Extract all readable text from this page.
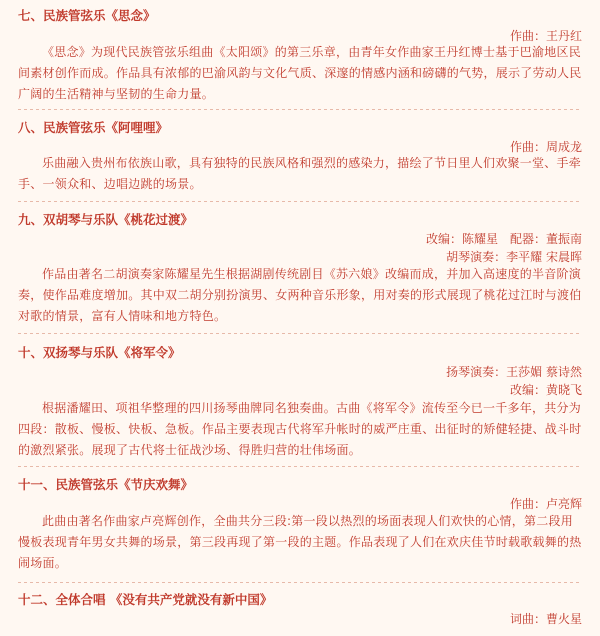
七、民族管弦乐《思念》
作曲：王丹红

《思念》为现代民族管弦乐组曲《太阳颂》的第三乐章，由青年女作曲家王丹红博士基于巴渝地区民间素材创作而成。作品具有浓郁的巴渝风韵与文化气质、深邃的情感内涵和磅礴的气势，展示了劳动人民广阔的生活精神与坚韧的生命力量。

八、民族管弦乐《阿哩哩》
作曲：周成龙

乐曲融入贵州布依族山歌，具有独特的民族风格和强烈的感染力，描绘了节日里人们欢聚一堂、手牵手、一领众和、边唱边跳的场景。

九、双胡琴与乐队《桃花过渡》
改编：陈耀星　配器：董振南
胡琴演奏：李平耀 宋晨晖

作品由著名二胡演奏家陈耀星先生根据湖剧传统剧目《苏六娘》改编而成，并加入高速度的半音阶演奏，使作品难度增加。其中双二胡分别扮演男、女两种音乐形象，用对奏的形式展现了桃花过江时与渡伯对歌的情景，富有人情味和地方特色。

十、双扬琴与乐队《将军令》
扬琴演奏：王莎媚 蔡诗然
改编：黄晓飞

根据潘耀田、项祖华整理的四川扬琴曲牌同名独奏曲。古曲《将军令》流传至今已一千多年，共分为四段：散板、慢板、快板、急板。作品主要表现古代将军升帐时的威严庄重、出征时的矫健轻捷、战斗时的激烈紧张。展现了古代将士征战沙场、得胜归营的壮伟场面。

十一、民族管弦乐《节庆欢舞》
作曲：卢亮辉

此曲由著名作曲家卢亮辉创作，全曲共分三段:第一段以热烈的场面表现人们欢快的心情，第二段用慢板表现青年男女共舞的场景，第三段再现了第一段的主题。作品表现了人们在欢庆佳节时载歌载舞的热闹场面。

十二、全体合唱 《没有共产党就没有新中国》
词曲：曹火星
